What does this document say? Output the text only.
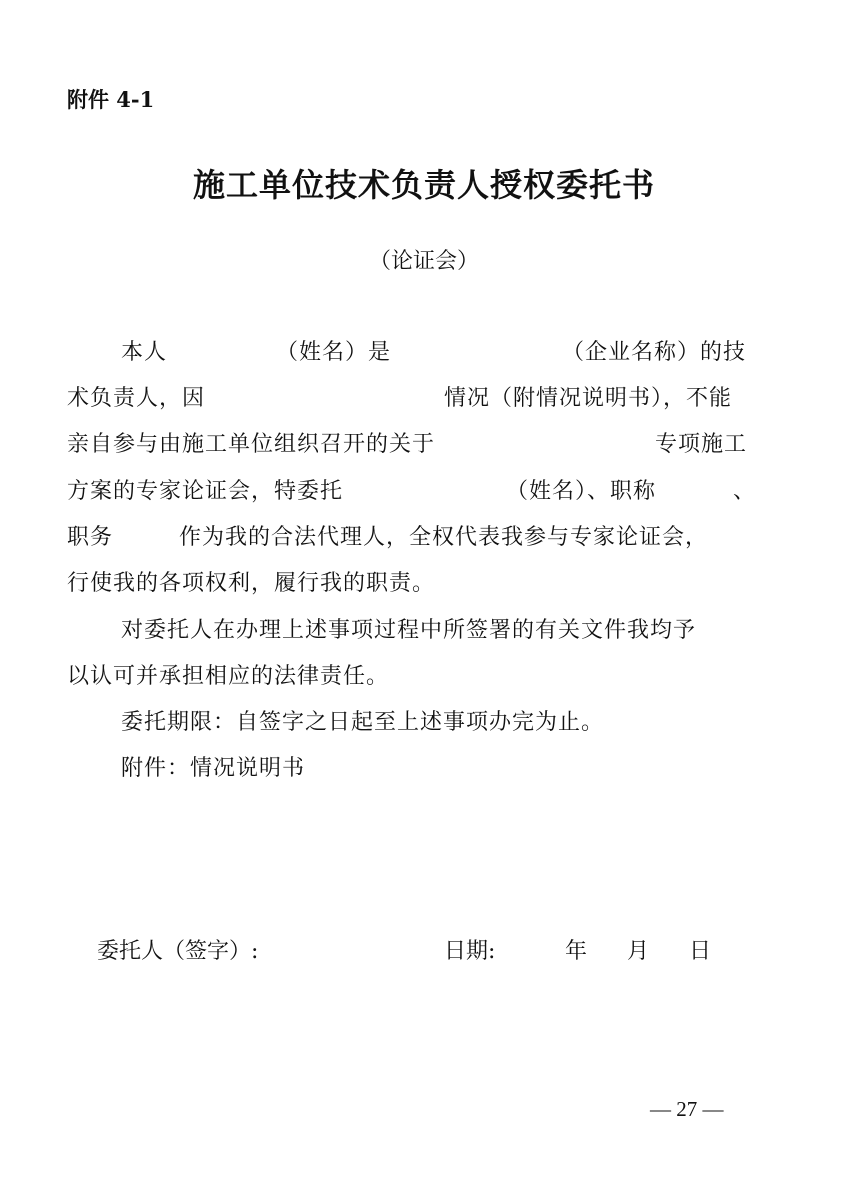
附件 4-1
施工单位技术负责人授权委托书
（论证会）
本人	（姓名）是	（企业名称）的技
术负责人，因	情况（附情况说明书），不能
亲自参与由施工单位组织召开的关于	专项施工
方案的专家论证会，特委托	（姓名）、职称	、
职务	作为我的合法代理人，全权代表我参与专家论证会，
行使我的各项权利，履行我的职责。
对委托人在办理上述事项过程中所签署的有关文件我均予
以认可并承担相应的法律责任。
委托期限：自签字之日起至上述事项办完为止。
附件：情况说明书
委托人（签字）:	日期:	年 月 日
— 27 —
